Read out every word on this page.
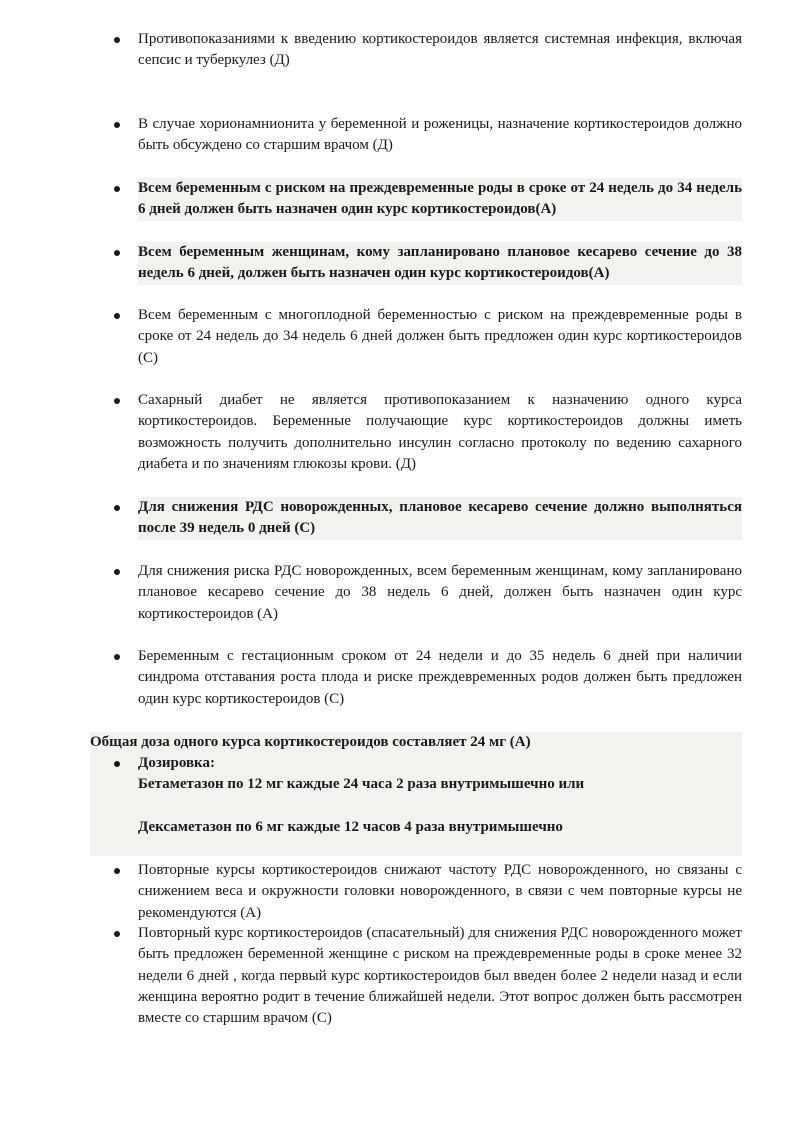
Противопоказаниями к введению кортикостероидов является системная инфекция, включая сепсис и туберкулез (Д)
В случае хорионамнионита у беременной и роженицы, назначение кортикостероидов должно быть обсуждено со старшим врачом (Д)
Всем беременным с риском на преждевременные роды в сроке от 24 недель до 34 недель 6 дней должен быть назначен один курс кортикостероидов(А)
Всем беременным женщинам, кому запланировано плановое кесарево сечение до 38 недель 6 дней, должен быть назначен один курс кортикостероидов(А)
Всем беременным с многоплодной беременностью с риском на преждевременные роды в сроке от 24 недель до 34 недель 6 дней должен быть предложен один курс кортикостероидов (С)
Сахарный диабет не является противопоказанием к назначению одного курса кортикостероидов. Беременные получающие курс кортикостероидов должны иметь возможность получить дополнительно инсулин согласно протоколу по ведению сахарного диабета и по значениям глюкозы крови. (Д)
Для снижения РДС новорожденных, плановое кесарево сечение должно выполняться после 39 недель 0 дней (С)
Для снижения риска РДС новорожденных, всем беременным женщинам, кому запланировано плановое кесарево сечение до 38 недель 6 дней, должен быть назначен один курс кортикостероидов (А)
Беременным с гестационным сроком от 24 недели и до 35 недель 6 дней при наличии синдрома отставания роста плода и риске преждевременных родов должен быть предложен один курс кортикостероидов (С)
Общая доза одного курса кортикостероидов составляет 24 мг (А)
Дозировка:
Бетаметазон по 12 мг каждые 24 часа 2 раза внутримышечно или
Дексаметазон по 6 мг каждые 12 часов 4 раза внутримышечно
Повторные курсы кортикостероидов снижают частоту РДС новорожденного, но связаны с снижением веса и окружности головки новорожденного, в связи с чем повторные курсы не рекомендуются (А)
Повторный курс кортикостероидов (спасательный) для снижения РДС новорожденного может быть предложен беременной женщине с риском на преждевременные роды в сроке менее 32 недели 6 дней , когда первый курс кортикостероидов был введен более 2 недели назад и если женщина вероятно родит в течение ближайшей недели. Этот вопрос должен быть рассмотрен вместе со старшим врачом (С)
